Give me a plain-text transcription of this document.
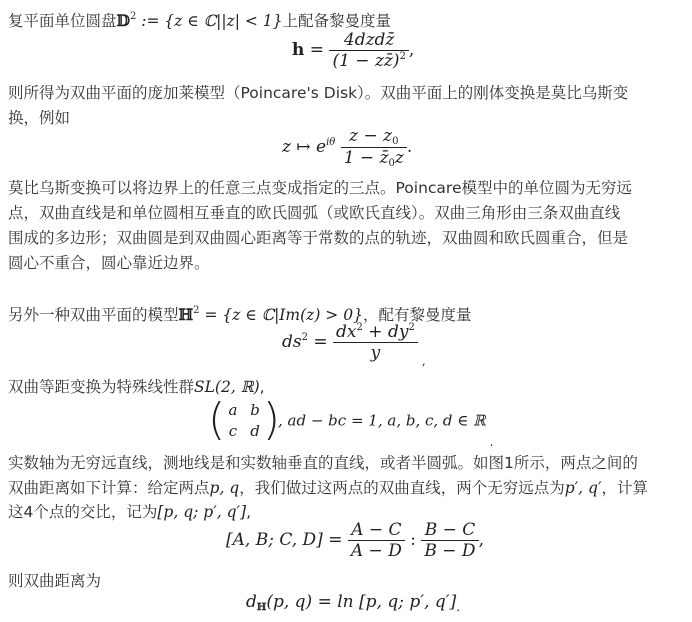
复平面单位圆盘𝔻$^2$ := {z ∈ ℂ||z| < 1}上配备黎曼度量
$h = \frac{\text{4dzdz̄}}{(1 - zz̄)^2}$ ,
则所得为双曲平面的庞加莱模型（Poincare's Disk）。双曲平面上的刚体变换是莫比乌斯变
换，例如
z ↦ $e^{i\theta} \frac{z - z_0}{1 - z̄_0z}$ .
莫比乌斯变换可以将边界上的任意三点变成指定的三点。Poincare模型中的单位圆为无穷远
点，双曲直线是和单位圆相互垂直的欧氏圆弧（或欧氏直线）。双曲三角形由三条双曲直线
围成的多边形；双曲圆是到双曲圆心距离等于常数的点的轨迹，双曲圆和欧氏圆重合，但是
圆心不重合，圆心靠近边界。
另外一种双曲平面的模型ℍ$^2$ = {z ∈ ℂ|Im(z) > 0}，配有黎曼度量
$ds^2 = \frac{dx^2 + dy^2}{y} _,$
双曲等距变换为特殊线性群SL(2, ℝ),
( a b
c d )
, ad − bc = 1, a, b, c, d ∈ ℝ$_.$
实数轴为无穷远直线，测地线是和实数轴垂直的直线，或者半圆弧。如图1所示，两点之间的
双曲距离如下计算：给定两点p, q，我们做过这两点的双曲直线，两个无穷远点为p′, q′，计算
这4个点的交比，记为[p, q; p′, q′],
[A, B; C, $D] = \frac{A - C}{A - D}$ : $\frac{B - C}{B - D}$ ,
则双曲距离为
$d_ℍ(p$, q) = ln [p, q; p′, $q']_.$
